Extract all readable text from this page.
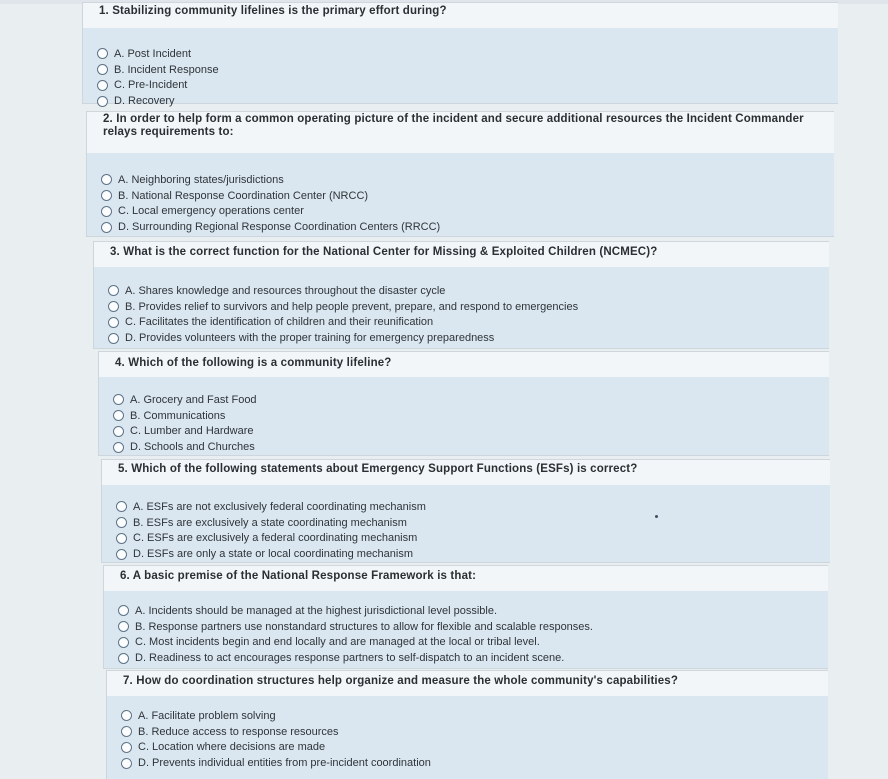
1. Stabilizing community lifelines is the primary effort during?
A. Post Incident
B. Incident Response
C. Pre-Incident
D. Recovery
2. In order to help form a common operating picture of the incident and secure additional resources the Incident Commander relays requirements to:
A. Neighboring states/jurisdictions
B. National Response Coordination Center (NRCC)
C. Local emergency operations center
D. Surrounding Regional Response Coordination Centers (RRCC)
3. What is the correct function for the National Center for Missing & Exploited Children (NCMEC)?
A. Shares knowledge and resources throughout the disaster cycle
B. Provides relief to survivors and help people prevent, prepare, and respond to emergencies
C. Facilitates the identification of children and their reunification
D. Provides volunteers with the proper training for emergency preparedness
4. Which of the following is a community lifeline?
A. Grocery and Fast Food
B. Communications
C. Lumber and Hardware
D. Schools and Churches
5. Which of the following statements about Emergency Support Functions (ESFs) is correct?
A. ESFs are not exclusively federal coordinating mechanism
B. ESFs are exclusively a state coordinating mechanism
C. ESFs are exclusively a federal coordinating mechanism
D. ESFs are only a state or local coordinating mechanism
6. A basic premise of the National Response Framework is that:
A. Incidents should be managed at the highest jurisdictional level possible.
B. Response partners use nonstandard structures to allow for flexible and scalable responses.
C. Most incidents begin and end locally and are managed at the local or tribal level.
D. Readiness to act encourages response partners to self-dispatch to an incident scene.
7. How do coordination structures help organize and measure the whole community's capabilities?
A. Facilitate problem solving
B. Reduce access to response resources
C. Location where decisions are made
D. Prevents individual entities from pre-incident coordination
